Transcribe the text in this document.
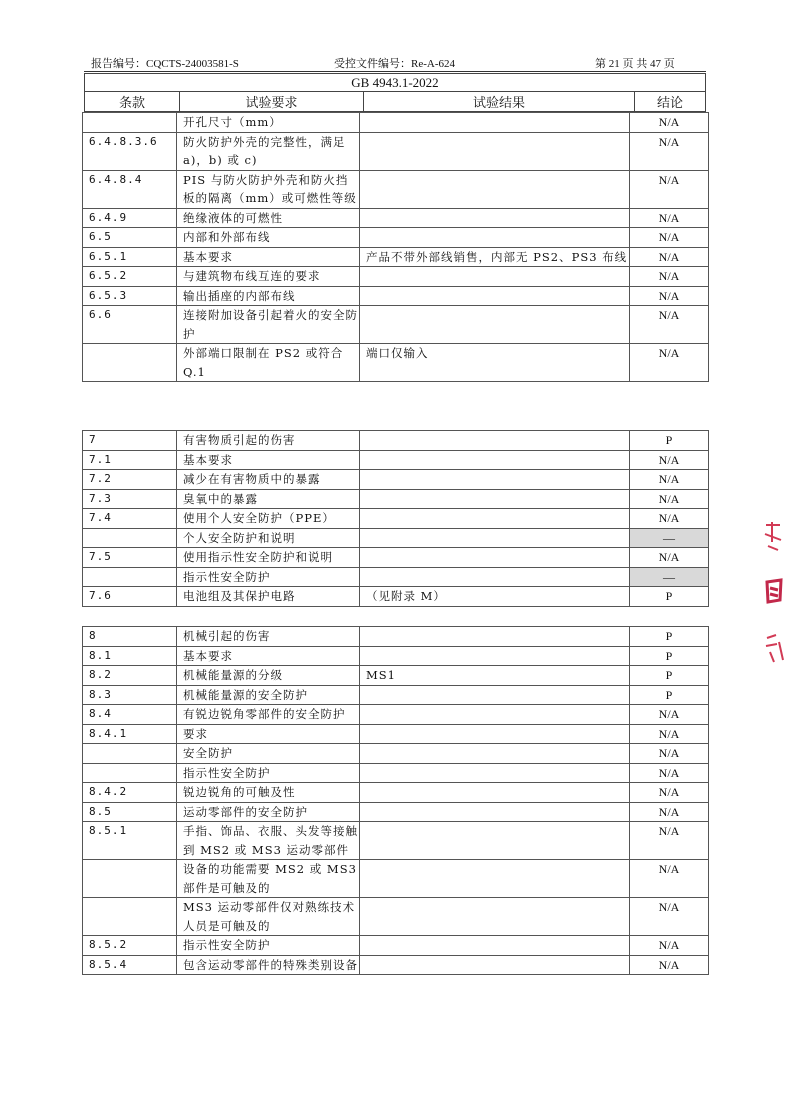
报告编号：CQCTS-24003581-S	受控文件编号：Re-A-624	第 21 页 共 47 页
GB 4943.1-2022
条款	试验要求	试验结果	结论
	开孔尺寸（mm）		N/A
6.4.8.3.6	防火防护外壳的完整性，满足 a)，b) 或 c)		N/A
6.4.8.4	PIS 与防火防护外壳和防火挡板的隔离（mm）或可燃性等级		N/A
6.4.9	绝缘液体的可燃性		N/A
6.5	内部和外部布线		N/A
6.5.1	基本要求	产品不带外部线销售，内部无 PS2、PS3 布线	N/A
6.5.2	与建筑物布线互连的要求		N/A
6.5.3	输出插座的内部布线		N/A
6.6	连接附加设备引起着火的安全防护		N/A
	外部端口限制在 PS2 或符合 Q.1	端口仅输入	N/A
7	有害物质引起的伤害		P
7.1	基本要求		N/A
7.2	减少在有害物质中的暴露		N/A
7.3	臭氧中的暴露		N/A
7.4	使用个人安全防护（PPE）		N/A
	个人安全防护和说明		—
7.5	使用指示性安全防护和说明		N/A
	指示性安全防护		—
7.6	电池组及其保护电路	（见附录 M）	P
8	机械引起的伤害		P
8.1	基本要求		P
8.2	机械能量源的分级	MS1	P
8.3	机械能量源的安全防护		P
8.4	有锐边锐角零部件的安全防护		N/A
8.4.1	要求		N/A
	安全防护		N/A
	指示性安全防护		N/A
8.4.2	锐边锐角的可触及性		N/A
8.5	运动零部件的安全防护		N/A
8.5.1	手指、饰品、衣服、头发等接触到 MS2 或 MS3 运动零部件		N/A
	设备的功能需要 MS2 或 MS3 部件是可触及的		N/A
	MS3 运动零部件仅对熟练技术人员是可触及的		N/A
8.5.2	指示性安全防护		N/A
8.5.4	包含运动零部件的特殊类别设备		N/A
